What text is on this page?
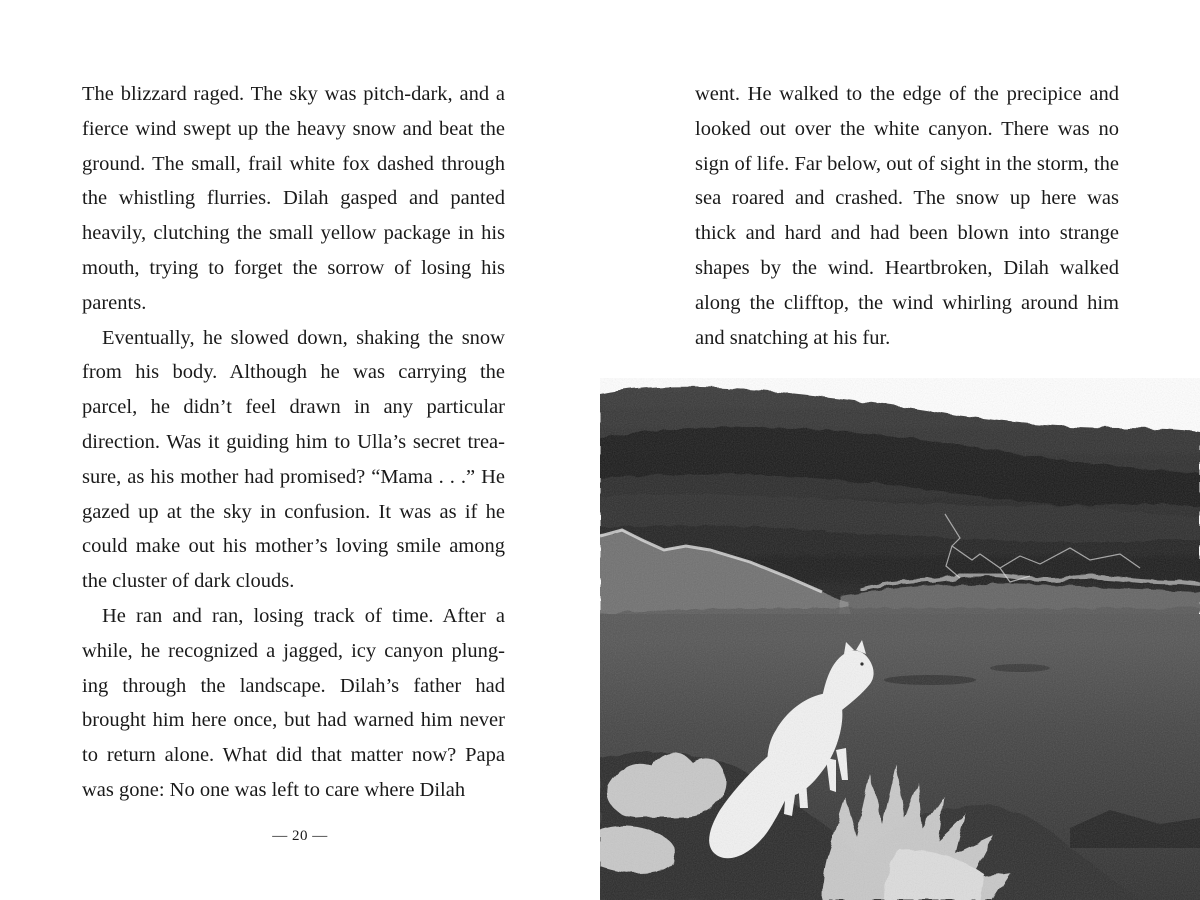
The blizzard raged. The sky was pitch-dark, and a fierce wind swept up the heavy snow and beat the ground. The small, frail white fox dashed through the whistling flurries. Dilah gasped and panted heavily, clutching the small yellow package in his mouth, trying to forget the sorrow of losing his parents.

Eventually, he slowed down, shaking the snow from his body. Although he was carrying the parcel, he didn’t feel drawn in any particular direction. Was it guiding him to Ulla’s secret trea-sure, as his mother had promised? “Mama . . .” He gazed up at the sky in confusion. It was as if he could make out his mother’s loving smile among the cluster of dark clouds.

He ran and ran, losing track of time. After a while, he recognized a jagged, icy canyon plung-ing through the landscape. Dilah’s father had brought him here once, but had warned him never to return alone. What did that matter now? Papa was gone: No one was left to care where Dilah

— 20 —

went. He walked to the edge of the precipice and looked out over the white canyon. There was no sign of life. Far below, out of sight in the storm, the sea roared and crashed. The snow up here was thick and hard and had been blown into strange shapes by the wind. Heartbroken, Dilah walked along the clifftop, the wind whirling around him and snatching at his fur.
